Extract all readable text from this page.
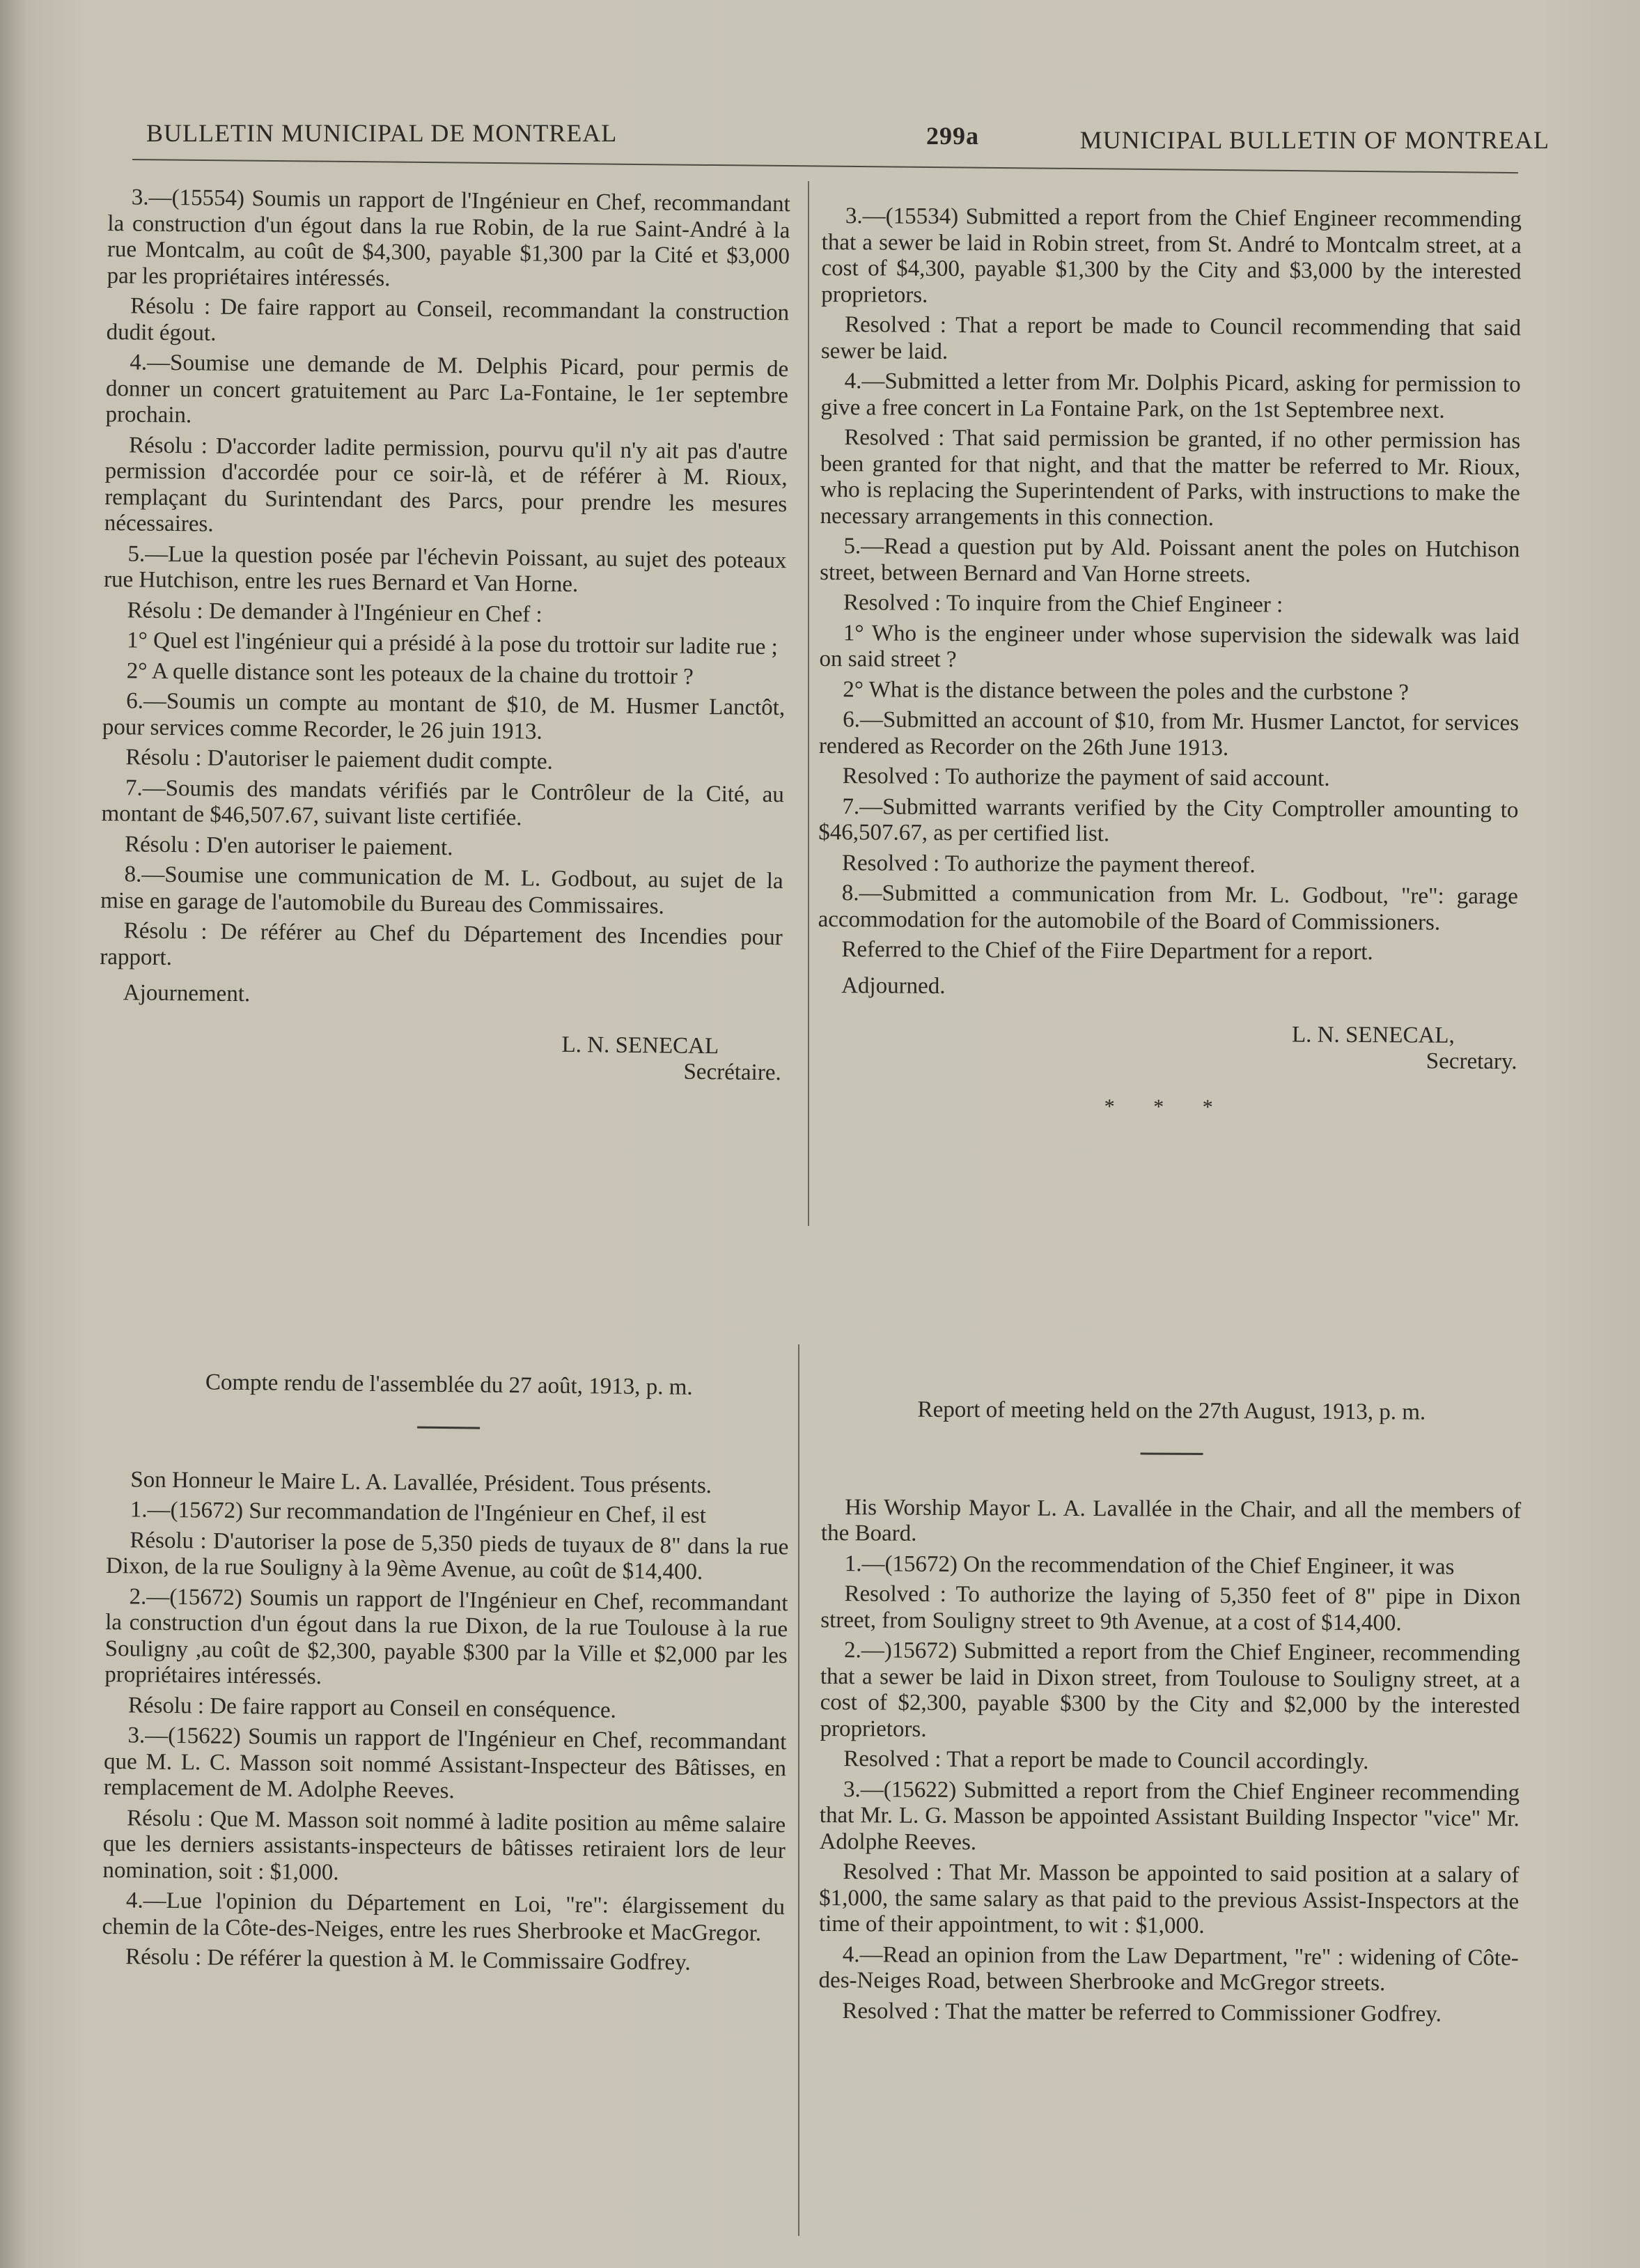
BULLETIN MUNICIPAL DE MONTREAL	299a	MUNICIPAL BULLETIN OF MONTREAL

3.—(15554) Soumis un rapport de l'Ingénieur en Chef, recommandant la construction d'un égout dans la rue Robin, de la rue Saint-André à la rue Montcalm, au coût de $4,300, payable $1,300 par la Cité et $3,000 par les propriétaires intéressés.

Résolu : De faire rapport au Conseil, recommandant la construction dudit égout.

4.—Soumise une demande de M. Delphis Picard, pour permis de donner un concert gratuitement au Parc La-Fontaine, le 1er septembre prochain.

Résolu : D'accorder ladite permission, pourvu qu'il n'y ait pas d'autre permission d'accordée pour ce soir-là, et de référer à M. Rioux, remplaçant du Surintendant des Parcs, pour prendre les mesures nécessaires.

5.—Lue la question posée par l'échevin Poissant, au sujet des poteaux rue Hutchison, entre les rues Bernard et Van Horne.

Résolu : De demander à l'Ingénieur en Chef :

1° Quel est l'ingénieur qui a présidé à la pose du trottoir sur ladite rue ;

2° A quelle distance sont les poteaux de la chaine du trottoir ?

6.—Soumis un compte au montant de $10, de M. Husmer Lanctôt, pour services comme Recorder, le 26 juin 1913.

Résolu : D'autoriser le paiement dudit compte.

7.—Soumis des mandats vérifiés par le Contrôleur de la Cité, au montant de $46,507.67, suivant liste certifiée.

Résolu : D'en autoriser le paiement.

8.—Soumise une communication de M. L. Godbout, au sujet de la mise en garage de l'automobile du Bureau des Commissaires.

Résolu : De référer au Chef du Département des Incendies pour rapport.

Ajournement.

L. N. SENECAL
Secrétaire.

Compte rendu de l'assemblée du 27 août, 1913, p. m.

Son Honneur le Maire L. A. Lavallée, Président. Tous présents.

1.—(15672) Sur recommandation de l'Ingénieur en Chef, il est

Résolu : D'autoriser la pose de 5,350 pieds de tuyaux de 8" dans la rue Dixon, de la rue Souligny à la 9ème Avenue, au coût de $14,400.

2.—(15672) Soumis un rapport de l'Ingénieur en Chef, recommandant la construction d'un égout dans la rue Dixon, de la rue Toulouse à la rue Souligny ,au coût de $2,300, payable $300 par la Ville et $2,000 par les propriétaires intéressés.

Résolu : De faire rapport au Conseil en conséquence.

3.—(15622) Soumis un rapport de l'Ingénieur en Chef, recommandant que M. L. C. Masson soit nommé Assistant-Inspecteur des Bâtisses, en remplacement de M. Adolphe Reeves.

Résolu : Que M. Masson soit nommé à ladite position au même salaire que les derniers assistants-inspecteurs de bâtisses retiraient lors de leur nomination, soit : $1,000.

4.—Lue l'opinion du Département en Loi, "re": élargissement du chemin de la Côte-des-Neiges, entre les rues Sherbrooke et MacGregor.

Résolu : De référer la question à M. le Commissaire Godfrey.

3.—(15534) Submitted a report from the Chief Engineer recommending that a sewer be laid in Robin street, from St. André to Montcalm street, at a cost of $4,300, payable $1,300 by the City and $3,000 by the interested proprietors.

Resolved : That a report be made to Council recommending that said sewer be laid.

4.—Submitted a letter from Mr. Dolphis Picard, asking for permission to give a free concert in La Fontaine Park, on the 1st Septembree next.

Resolved : That said permission be granted, if no other permission has been granted for that night, and that the matter be referred to Mr. Rioux, who is replacing the Superintendent of Parks, with instructions to make the necessary arrangements in this connection.

5.—Read a question put by Ald. Poissant anent the poles on Hutchison street, between Bernard and Van Horne streets.

Resolved : To inquire from the Chief Engineer :

1° Who is the engineer under whose supervision the sidewalk was laid on said street ?

2° What is the distance between the poles and the curbstone ?

6.—Submitted an account of $10, from Mr. Husmer Lanctot, for services rendered as Recorder on the 26th June 1913.

Resolved : To authorize the payment of said account.

7.—Submitted warrants verified by the City Comptroller amounting to $46,507.67, as per certified list.

Resolved : To authorize the payment thereof.

8.—Submitted a communication from Mr. L. Godbout, "re": garage accommodation for the automobile of the Board of Commissioners.

Referred to the Chief of the Fiire Department for a report.

Adjourned.

L. N. SENECAL,
Secretary.
* * *

Report of meeting held on the 27th August, 1913, p. m.

His Worship Mayor L. A. Lavallée in the Chair, and all the members of the Board.

1.—(15672) On the recommendation of the Chief Engineer, it was

Resolved : To authorize the laying of 5,350 feet of 8" pipe in Dixon street, from Souligny street to 9th Avenue, at a cost of $14,400.

2.—)15672) Submitted a report from the Chief Engineer, recommending that a sewer be laid in Dixon street, from Toulouse to Souligny street, at a cost of $2,300, payable $300 by the City and $2,000 by the interested proprietors.

Resolved : That a report be made to Council accordingly.

3.—(15622) Submitted a report from the Chief Engineer recommending that Mr. L. G. Masson be appointed Assistant Building Inspector "vice" Mr. Adolphe Reeves.

Resolved : That Mr. Masson be appointed to said position at a salary of $1,000, the same salary as that paid to the previous Assist-Inspectors at the time of their appointment, to wit : $1,000.

4.—Read an opinion from the Law Department, "re" : widening of Côte-des-Neiges Road, between Sherbrooke and McGregor streets.

Resolved : That the matter be referred to Commissioner Godfrey.
